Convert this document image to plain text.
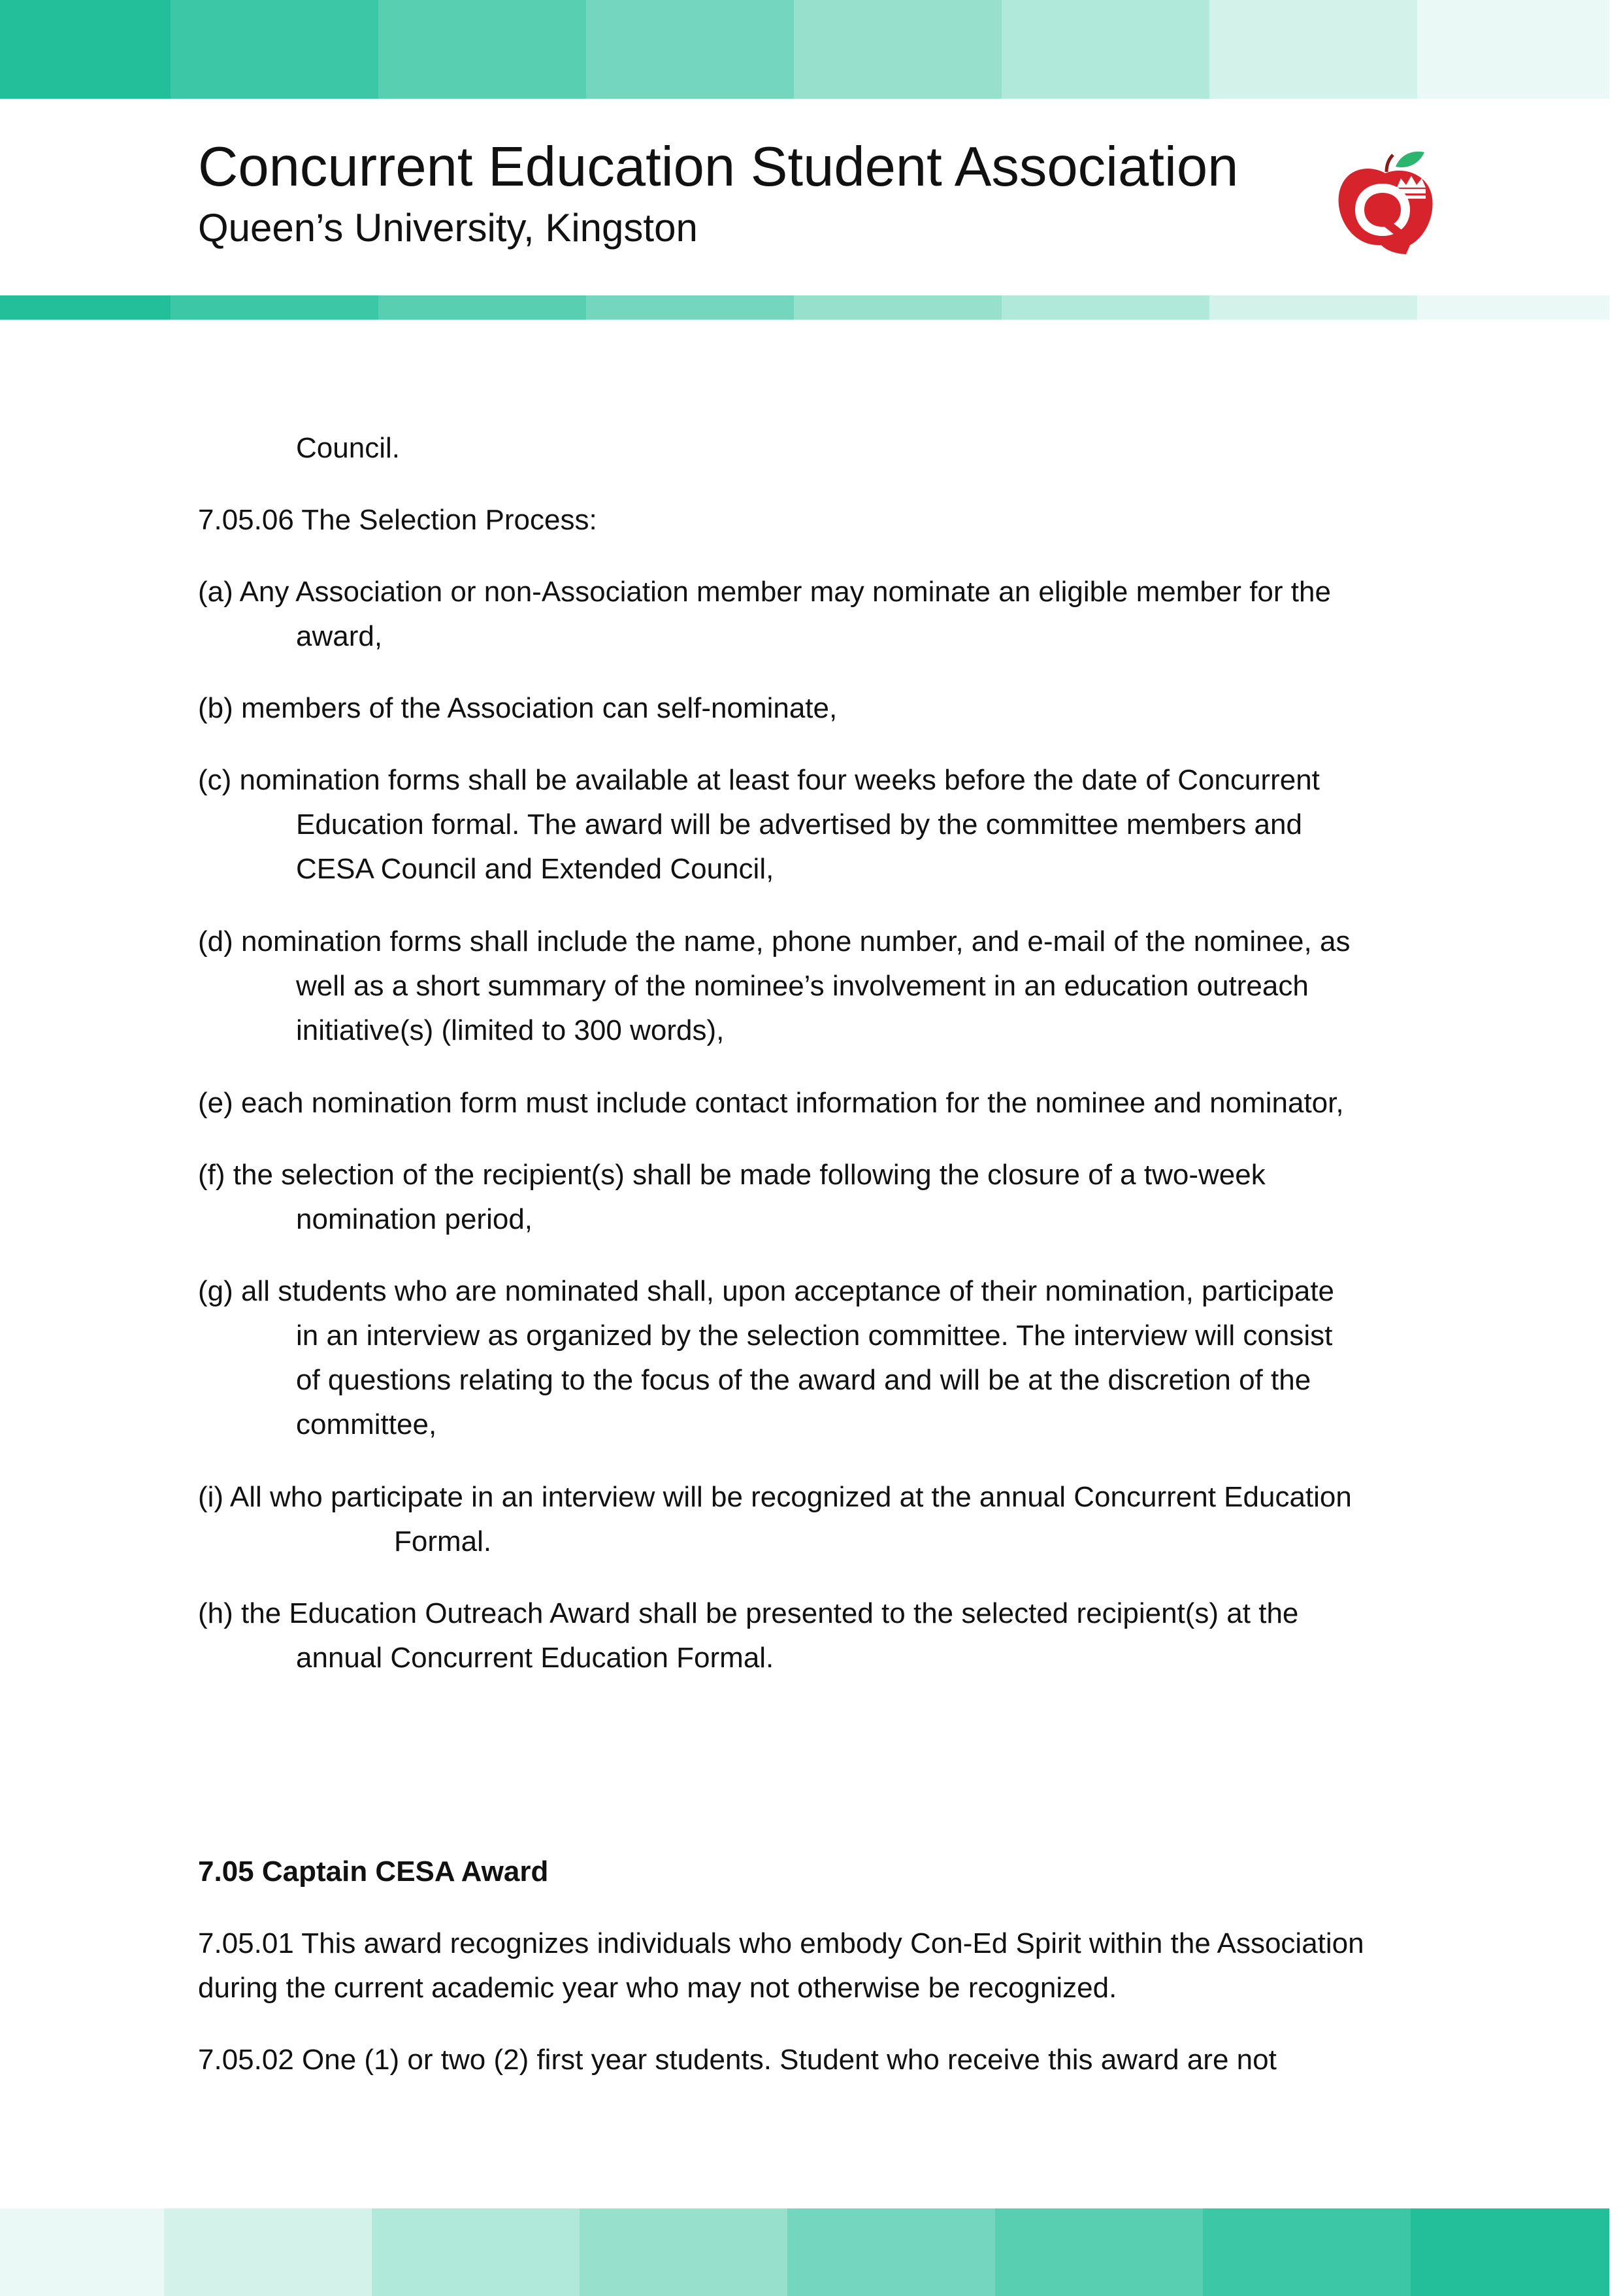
Concurrent Education Student Association
Queen’s University, Kingston
Council.
7.05.06 The Selection Process:
(a) Any Association or non-Association member may nominate an eligible member for the
award,
(b) members of the Association can self-nominate,
(c) nomination forms shall be available at least four weeks before the date of Concurrent
Education formal. The award will be advertised by the committee members and
CESA Council and Extended Council,
(d) nomination forms shall include the name, phone number, and e-mail of the nominee, as
well as a short summary of the nominee’s involvement in an education outreach
initiative(s) (limited to 300 words),
(e) each nomination form must include contact information for the nominee and nominator,
(f) the selection of the recipient(s) shall be made following the closure of a two-week
nomination period,
(g) all students who are nominated shall, upon acceptance of their nomination, participate
in an interview as organized by the selection committee. The interview will consist
of questions relating to the focus of the award and will be at the discretion of the
committee,
(i) All who participate in an interview will be recognized at the annual Concurrent Education
Formal.
(h) the Education Outreach Award shall be presented to the selected recipient(s) at the
annual Concurrent Education Formal.
7.05 Captain CESA Award
7.05.01 This award recognizes individuals who embody Con-Ed Spirit within the Association
during the current academic year who may not otherwise be recognized.
7.05.02 One (1) or two (2) first year students. Student who receive this award are not
